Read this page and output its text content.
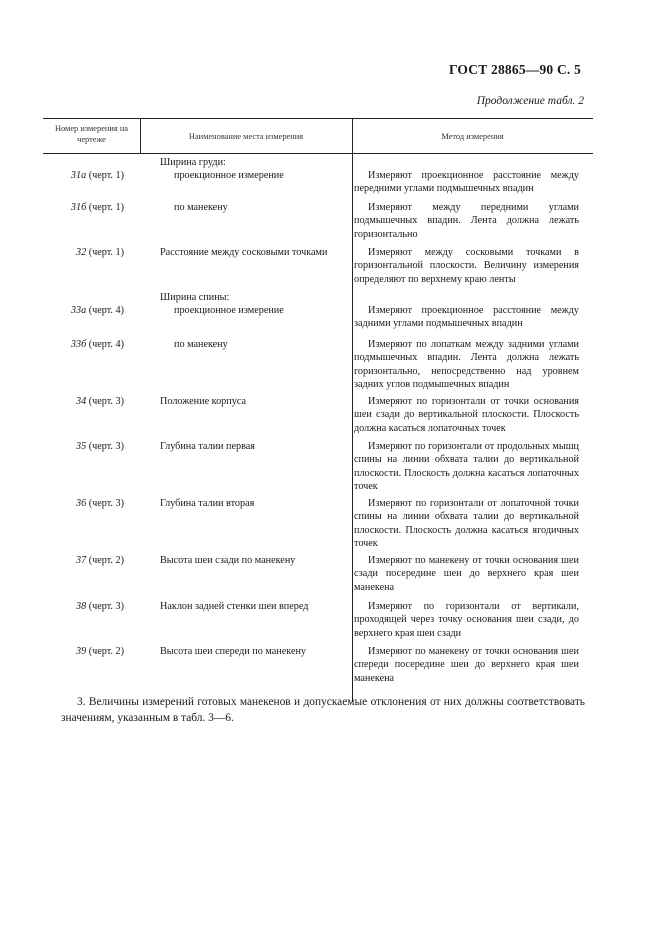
ГОСТ 28865—90 С. 5
Продолжение табл. 2
Номер измерения на чертеже	Наименование места измерения	Метод измерения
Ширина груди:
31а (черт. 1)	проекционное измерение	Измеряют проекционное расстояние между передними углами подмышечных впадин
31б (черт. 1)	по манекену	Измеряют между передними углами подмышечных впадин. Лента должна лежать горизонтально
32 (черт. 1)	Расстояние между сосковыми точками	Измеряют между сосковыми точками в горизонтальной плоскости. Величину измерения определяют по верхнему краю ленты
Ширина спины:
33а (черт. 4)	проекционное измерение	Измеряют проекционное расстояние между задними углами подмышечных впадин
33б (черт. 4)	по манекену	Измеряют по лопаткам между задними углами подмышечных впадин. Лента должна лежать горизонтально, непосредственно над уровнем задних углов подмышечных впадин
34 (черт. 3)	Положение корпуса	Измеряют по горизонтали от точки основания шеи сзади до вертикальной плоскости. Плоскость должна касаться лопаточных точек
35 (черт. 3)	Глубина талии первая	Измеряют по горизонтали от продольных мышц спины на линии обхвата талии до вертикальной плоскости. Плоскость должна касаться лопаточных точек
36 (черт. 3)	Глубина талии вторая	Измеряют по горизонтали от лопаточной точки спины на линии обхвата талии до вертикальной плоскости. Плоскость должна касаться ягодичных точек
37 (черт. 2)	Высота шеи сзади по манекену	Измеряют по манекену от точки основания шеи сзади посередине шеи до верхнего края шеи манекена
38 (черт. 3)	Наклон задней стенки шеи вперед	Измеряют по горизонтали от вертикали, проходящей через точку основания шеи сзади, до верхнего края шеи сзади
39 (черт. 2)	Высота шеи спереди по манекену	Измеряют по манекену от точки основания шеи спереди посередине шеи до верхнего края шеи манекена

3. Величины измерений готовых манекенов и допускаемые отклонения от них должны соответствовать значениям, указанным в табл. 3—6.
